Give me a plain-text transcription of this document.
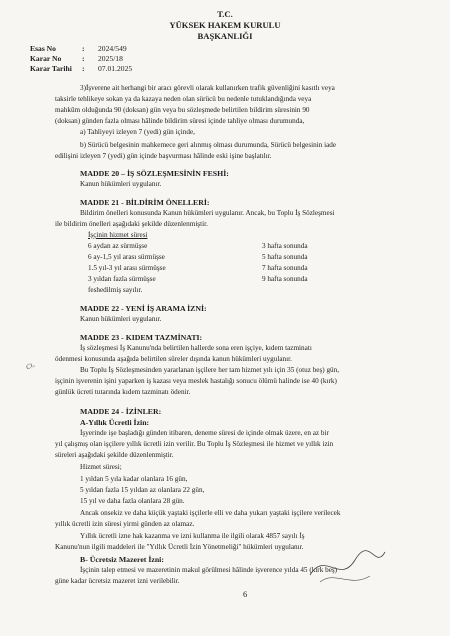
T.C.
YÜKSEK HAKEM KURULU
BAŞKANLIĞI
Esas No	: 2024/549
Karar No	: 2025/18
Karar Tarihi : 07.01.2025
3)İşverene ait herhangi bir aracı görevli olarak kullanırken trafik güvenliğini kasıtlı veya
taksirle tehlikeye sokan ya da kazaya neden olan sürücü bu nedenle tutuklandığında veya
mahkûm olduğunda 90 (doksan) gün veya bu sözleşmede belirtilen bildirim süresinin 90
(doksan) günden fazla olması hâlinde bildirim süresi içinde tahliye olması durumunda,
a) Tahliyeyi izleyen 7 (yedi) gün içinde,
b) Sürücü belgesinin mahkemece geri alınmış olması durumunda, Sürücü belgesinin iade
edilişini izleyen 7 (yedi) gün içinde başvurması hâlinde eski işine başlatılır.
MADDE 20 – İŞ SÖZLEŞMESİNİN FESHİ:
Kanun hükümleri uygulanır.
MADDE 21 - BİLDİRİM ÖNELLERİ:
Bildirim önelleri konusunda Kanun hükümleri uygulanır. Ancak, bu Toplu İş Sözleşmesi
ile bildirim önelleri aşağıdaki şekilde düzenlenmiştir.
İşçinin hizmet süresi
6 aydan az sürmüşse	3 hafta sonunda
6 ay-1,5 yıl arası sürmüşse	5 hafta sonunda
1.5 yıl-3 yıl arası sürmüşse	7 hafta sonunda
3 yıldan fazla sürmüşse	9 hafta sonunda
feshedilmiş sayılır.
MADDE 22 - YENİ İŞ ARAMA İZNİ:
Kanun hükümleri uygulanır.
MADDE 23 - KIDEM TAZMİNATI:
İş sözleşmesi İş Kanunu'nda belirtilen hallerde sona eren işçiye, kıdem tazminatı
ödenmesi konusunda aşağıda belirtilen süreler dışında kanun hükümleri uygulanır.
Bu Toplu İş Sözleşmesinden yararlanan işçilere her tam hizmet yılı için 35 (otuz beş) gün,
işçinin işverenin işini yaparken iş kazası veya meslek hastalığı sonucu ölümü halinde ise 40 (kırk)
günlük ücreti tutarında kıdem tazminatı ödenir.
Ct,
MADDE 24 - İZİNLER:
A-Yıllık Ücretli İzin:
İşyerinde işe başladığı günden itibaren, deneme süresi de içinde olmak üzere, en az bir
yıl çalışmış olan işçilere yıllık ücretli izin verilir. Bu Toplu İş Sözleşmesi ile hizmet ve yıllık izin
süreleri aşağıdaki şekilde düzenlenmiştir.
Hizmet süresi;
1 yıldan 5 yıla kadar olanlara 16 gün,
5 yıldan fazla 15 yıldan az olanlara 22 gün,
15 yıl ve daha fazla olanlara 28 gün.
Ancak onsekiz ve daha küçük yaştaki işçilerle elli ve daha yukarı yaştaki işçilere verilecek
yıllık ücretli izin süresi yirmi günden az olamaz.
Yıllık ücretli izne hak kazanma ve izni kullanma ile ilgili olarak 4857 sayılı İş
Kanunu'nun ilgili maddeleri ile "Yıllık Ücretli İzin Yönetmeliği" hükümleri uygulanır.
B- Ücretsiz Mazeret İzni:
İşçinin talep etmesi ve mazeretinin makul görülmesi hâlinde işverence yılda 45 (kırk beş)
güne kadar ücretsiz mazeret izni verilebilir.
6
